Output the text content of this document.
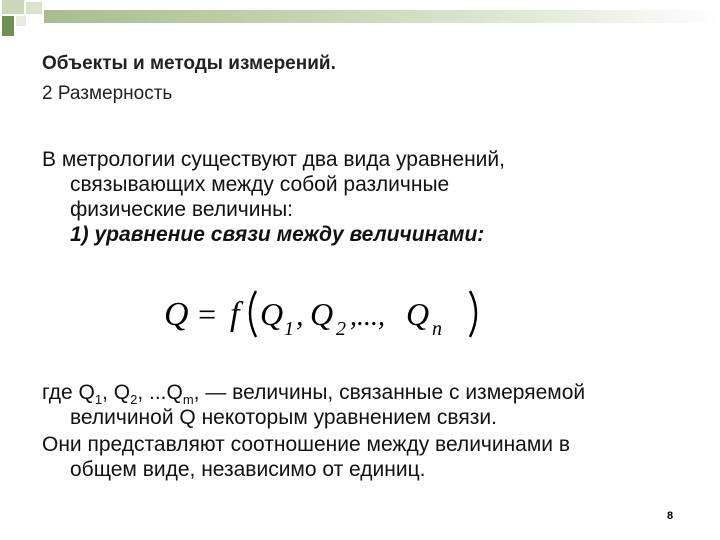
Объекты и методы измерений.
2 Размерность
В метрологии существуют два вида уравнений,
связывающих между собой различные
физические величины:
1) уравнение связи между величинами:
Q = f Q 1 , Q 2 ,..., Q n
где $Q_1$, $Q_2$, $...Q_m$, — величины, связанные с измеряемой
величиной Q некоторым уравнением связи.
Они представляют соотношение между величинами в
общем виде, независимо от единиц.
8
